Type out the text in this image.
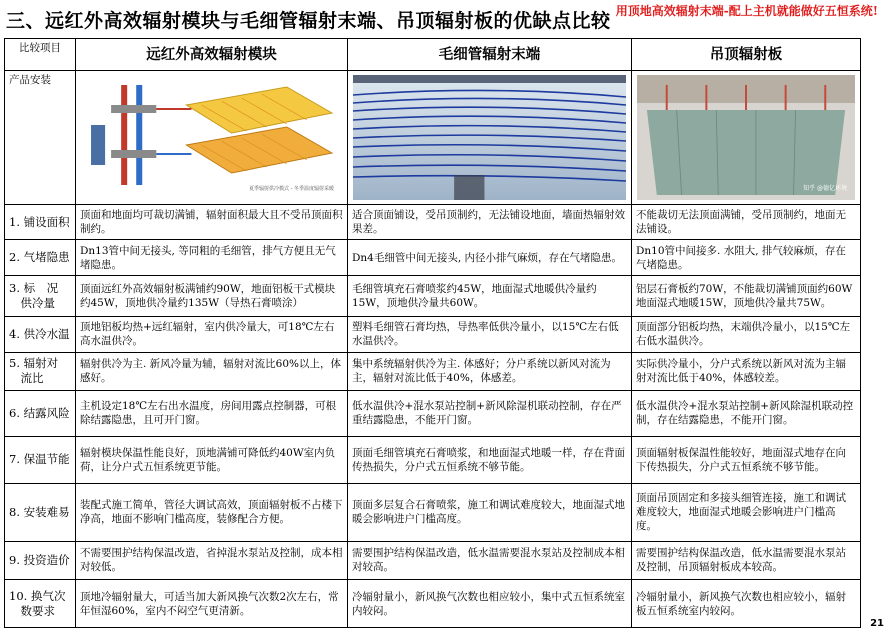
三、远红外高效辐射模块与毛细管辐射末端、吊顶辐射板的优缺点比较 用顶地高效辐射末端-配上主机就能做好五恒系统!
比较项目	远红外高效辐射模块	毛细管辐射末端	吊顶辐射板
产品安装	夏季辐射供冷模式 - 冬季温度辐射采暖		知乎 @德亿环境

1. 铺设面积	顶面和地面均可裁切满铺，辐射面积最大且不受吊顶面积制约。	适合顶面铺设，受吊顶制约，无法铺设地面，墙面热辐射效果差。	不能裁切无法顶面满铺，受吊顶制约，地面无法铺设。
2. 气堵隐患	Dn13管中间无接头, 等同粗的毛细管，排气方便且无气堵隐患。	Dn4毛细管中间无接头, 内径小排气麻烦，存在气堵隐患。	Dn10管中间接多. 水阻大, 排气较麻烦，存在气堵隐患。
3. 标　况
　供冷量	顶面远红外高效辐射板满铺约90W，地面铝板干式模块约45W，顶地供冷量约135W（导热石膏喷涂）	毛细管填充石膏喷浆约45W，地面湿式地暖供冷量约15W，顶地供冷量共60W。	铝层石膏板约70W，不能裁切满铺顶面约60W地面湿式地暖15W，顶地供冷量共75W。
4. 供冷水温	顶地铝板均热+远红辐射，室内供冷量大，可18℃左右高水温供冷。	塑料毛细管石膏均热，导热率低供冷量小，以15℃左右低水温供冷。	顶面部分铝板均热，末端供冷量小，以15℃左右低水温供冷。
5. 辐射对
　流比	辐射供冷为主. 新风冷量为辅，辐射对流比60%以上，体感好。	集中系统辐射供冷为主. 体感好；分户系统以新风对流为主，辐射对流比低于40%，体感差。	实际供冷量小，分户式系统以新风对流为主辐射对流比低于40%，体感较差。
6. 结露风险	主机设定18℃左右出水温度，房间用露点控制器，可根除结露隐患，且可开门窗。	低水温供冷+混水泵站控制+新风除湿机联动控制，存在严重结露隐患，不能开门窗。	低水温供冷+混水泵站控制+新风除湿机联动控制，存在结露隐患，不能开门窗。
7. 保温节能	辐射模块保温性能良好，顶地满铺可降低约40W室内负荷，让分户式五恒系统更节能。	顶面毛细管填充石膏喷浆，和地面湿式地暖一样，存在背面传热损失，分户式五恒系统不够节能。	顶面辐射板保温性能较好，地面湿式地存在向下传热损失，分户式五恒系统不够节能。
8. 安装难易	装配式施工简单，管径大调试高效，顶面辐射板不占楼下净高，地面不影响门槛高度，装修配合方便。	顶面多层复合石膏喷浆，施工和调试难度较大，地面湿式地暖会影响进户门槛高度。	顶面吊顶固定和多接头细管连接，施工和调试难度较大，地面湿式地暖会影响进户门槛高度。
9. 投资造价	不需要围护结构保温改造，省掉混水泵站及控制，成本相对较低。	需要围护结构保温改造，低水温需要混水泵站及控制成本相对较高。	需要围护结构保温改造，低水温需要混水泵站及控制，吊顶辐射板成本较高。
10. 换气次
　数要求	顶地冷辐射量大，可适当加大新风换气次数2次左右，常年恒湿60%，室内不闷空气更清新。	冷辐射量小，新风换气次数也相应较小，集中式五恒系统室内较闷。	冷辐射量小，新风换气次数也相应较小，辐射板五恒系统室内较闷。
21
